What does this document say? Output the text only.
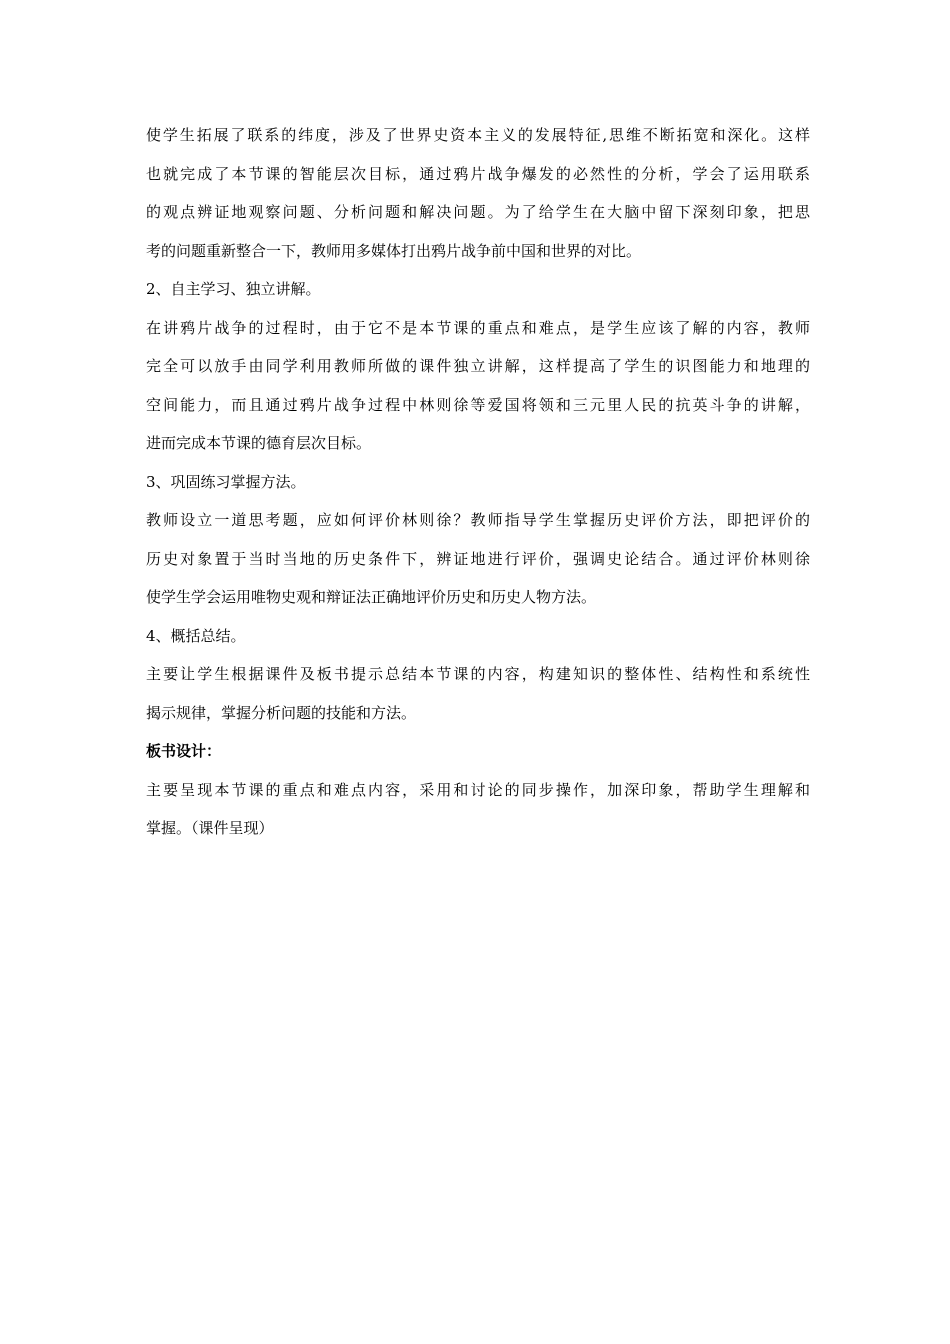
使学生拓展了联系的纬度，涉及了世界史资本主义的发展特征,思维不断拓宽和深化。这样
也就完成了本节课的智能层次目标，通过鸦片战争爆发的必然性的分析，学会了运用联系
的观点辨证地观察问题、分析问题和解决问题。为了给学生在大脑中留下深刻印象，把思
考的问题重新整合一下，教师用多媒体打出鸦片战争前中国和世界的对比。

2、自主学习、独立讲解。

在讲鸦片战争的过程时，由于它不是本节课的重点和难点，是学生应该了解的内容，教师
完全可以放手由同学利用教师所做的课件独立讲解，这样提高了学生的识图能力和地理的
空间能力，而且通过鸦片战争过程中林则徐等爱国将领和三元里人民的抗英斗争的讲解，
进而完成本节课的德育层次目标。

3、巩固练习掌握方法。

教师设立一道思考题，应如何评价林则徐？教师指导学生掌握历史评价方法，即把评价的
历史对象置于当时当地的历史条件下，辨证地进行评价，强调史论结合。通过评价林则徐
使学生学会运用唯物史观和辩证法正确地评价历史和历史人物方法。

4、概括总结。

主要让学生根据课件及板书提示总结本节课的内容，构建知识的整体性、结构性和系统性
揭示规律，掌握分析问题的技能和方法。

板书设计：

主要呈现本节课的重点和难点内容，采用和讨论的同步操作，加深印象，帮助学生理解和
掌握。（课件呈现）
